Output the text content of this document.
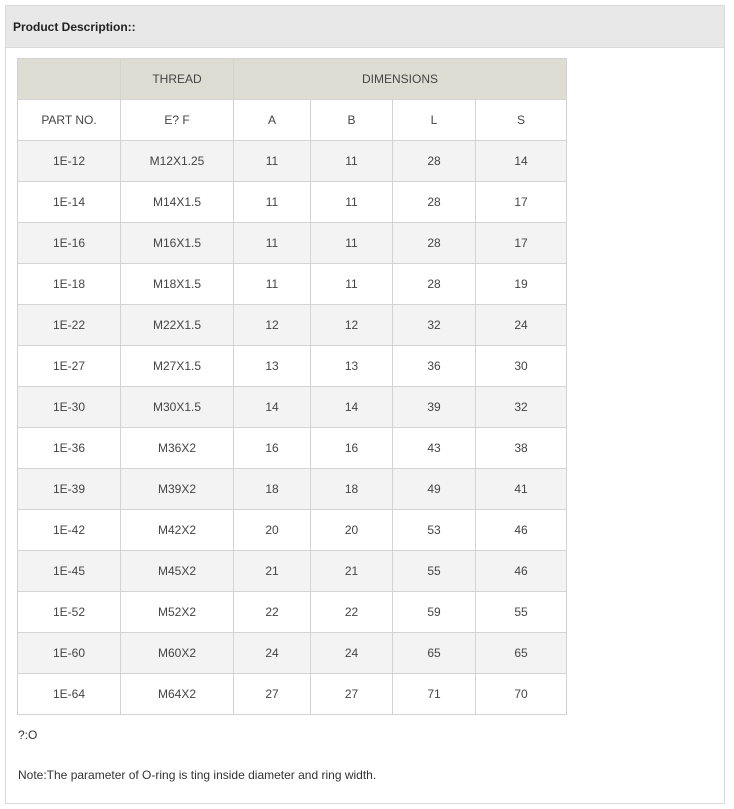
Product Description::
	THREAD	DIMENSIONS			
PART NO.	E? F	A	B	L	S
1E-12	M12X1.25	11	11	28	14
1E-14	M14X1.5	11	11	28	17
1E-16	M16X1.5	11	11	28	17
1E-18	M18X1.5	11	11	28	19
1E-22	M22X1.5	12	12	32	24
1E-27	M27X1.5	13	13	36	30
1E-30	M30X1.5	14	14	39	32
1E-36	M36X2	16	16	43	38
1E-39	M39X2	18	18	49	41
1E-42	M42X2	20	20	53	46
1E-45	M45X2	21	21	55	46
1E-52	M52X2	22	22	59	55
1E-60	M60X2	24	24	65	65
1E-64	M64X2	27	27	71	70
?:O
Note:The parameter of O-ring is ting inside diameter and ring width.
